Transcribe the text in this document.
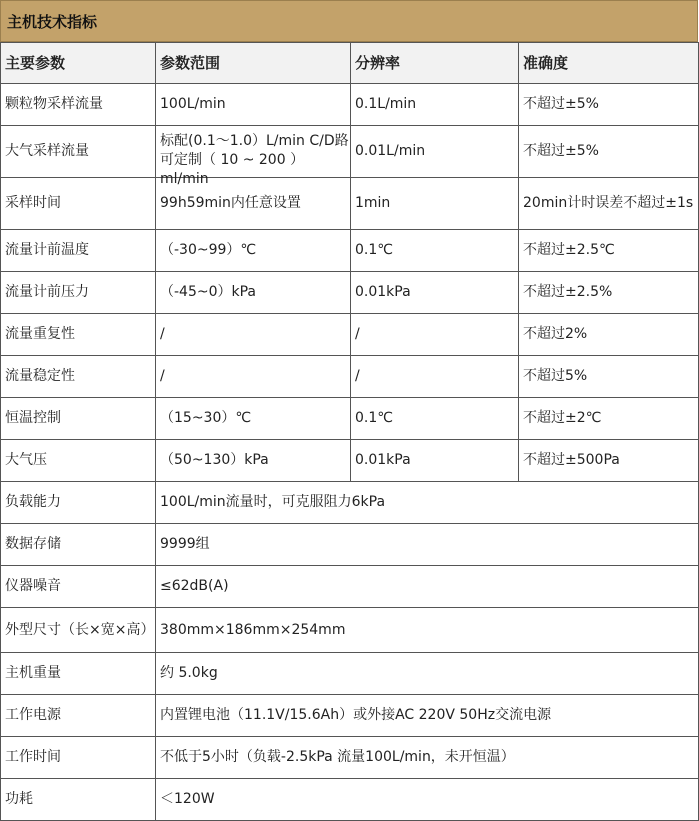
主机技术指标
主要参数	参数范围	分辨率	准确度
颗粒物采样流量	100L/min	0.1L/min	不超过±5%
大气采样流量	标配(0.1～1.0）L/min C/D路可定制（ 10 ~ 200 ）ml/min	0.01L/min	不超过±5%
采样时间	99h59min内任意设置	1min	20min计时误差不超过±1s
流量计前温度	（-30~99）℃	0.1℃	不超过±2.5℃
流量计前压力	（-45~0）kPa	0.01kPa	不超过±2.5%
流量重复性	/	/	不超过2%
流量稳定性	/	/	不超过5%
恒温控制	（15~30）℃	0.1℃	不超过±2℃
大气压	（50~130）kPa	0.01kPa	不超过±500Pa
负载能力	100L/min流量时，可克服阻力6kPa		
数据存储	9999组		
仪器噪音	≤62dB(A)		
外型尺寸（长×宽×高）	380mm×186mm×254mm		
主机重量	约 5.0kg		
工作电源	内置锂电池（11.1V/15.6Ah）或外接AC 220V 50Hz交流电源		
工作时间	不低于5小时（负载-2.5kPa 流量100L/min，未开恒温）		
功耗	＜120W		
